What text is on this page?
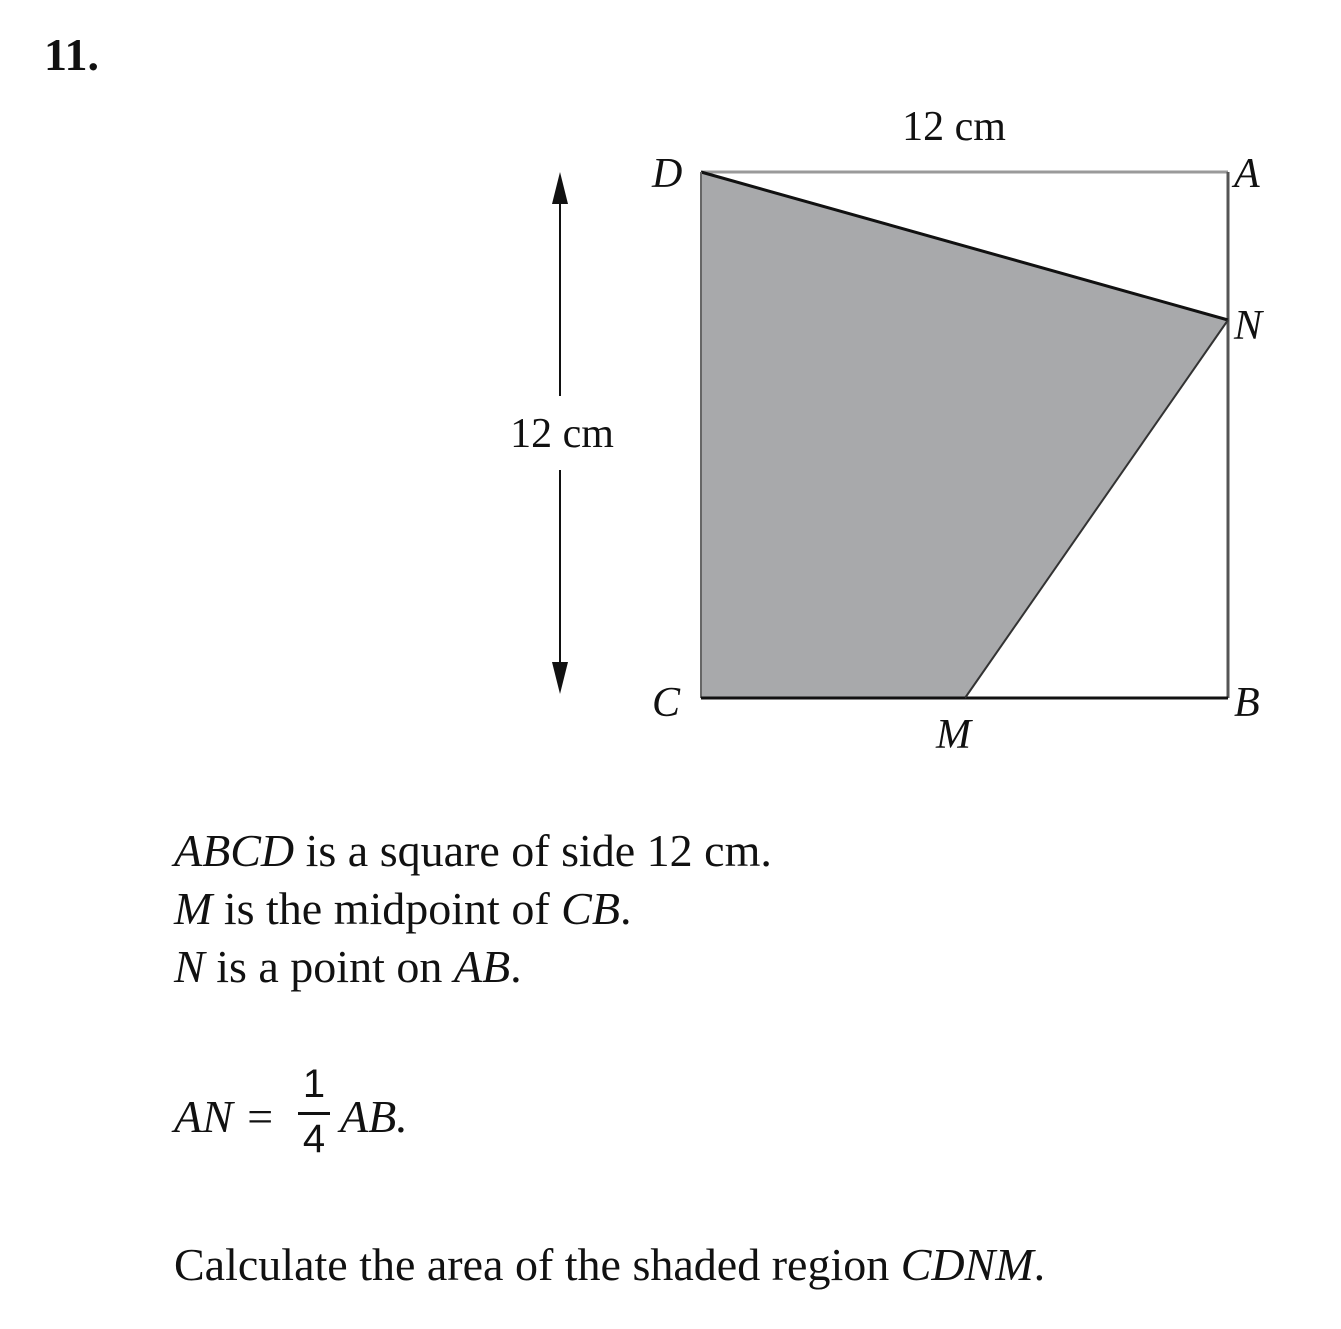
11.
12 cm
12 cm
D	A
N
B
C
M
ABCD is a square of side 12 cm.
M is the midpoint of CB.
N is a point on AB.
AN =
1
4 AB.
Calculate the area of the shaded region CDNM.
